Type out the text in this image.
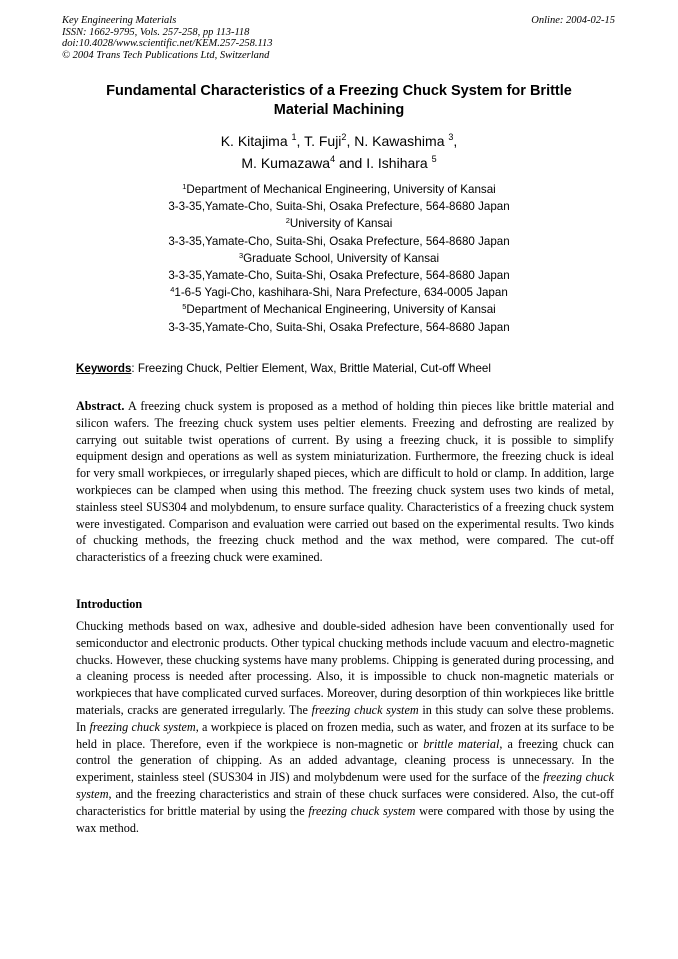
Key Engineering Materials
ISSN: 1662-9795, Vols. 257-258, pp 113-118
doi:10.4028/www.scientific.net/KEM.257-258.113
© 2004 Trans Tech Publications Ltd, Switzerland
Online: 2004-02-15
Fundamental Characteristics of a Freezing Chuck System for Brittle
Material Machining
K. Kitajima $^1$, T. Fuji$^2$, N. Kawashima $^3$,
M. Kumazawa$^4$ and I. Ishihara $^5$
$^1$Department of Mechanical Engineering, University of Kansai
3-3-35,Yamate-Cho, Suita-Shi, Osaka Prefecture, 564-8680 Japan
$^2$University of Kansai
3-3-35,Yamate-Cho, Suita-Shi, Osaka Prefecture, 564-8680 Japan
$^3$Graduate School, University of Kansai
3-3-35,Yamate-Cho, Suita-Shi, Osaka Prefecture, 564-8680 Japan
$^4$1-6-5 Yagi-Cho, kashihara-Shi, Nara Prefecture, 634-0005 Japan
$^5$Department of Mechanical Engineering, University of Kansai
3-3-35,Yamate-Cho, Suita-Shi, Osaka Prefecture, 564-8680 Japan
Keywords: Freezing Chuck, Peltier Element, Wax, Brittle Material, Cut-off Wheel
Abstract. A freezing chuck system is proposed as a method of holding thin pieces like brittle material and silicon wafers. The freezing chuck system uses peltier elements. Freezing and defrosting are realized by carrying out suitable twist operations of current. By using a freezing chuck, it is possible to simplify equipment design and operations as well as system miniaturization. Furthermore, the freezing chuck is ideal for very small workpieces, or irregularly shaped pieces, which are difficult to hold or clamp. In addition, large workpieces can be clamped when using this method. The freezing chuck system uses two kinds of metal, stainless steel SUS304 and molybdenum, to ensure surface quality. Characteristics of a freezing chuck system were investigated. Comparison and evaluation were carried out based on the experimental results. Two kinds of chucking methods, the freezing chuck method and the wax method, were compared. The cut-off characteristics of a freezing chuck were examined.
Introduction
Chucking methods based on wax, adhesive and double-sided adhesion have been conventionally used for semiconductor and electronic products. Other typical chucking methods include vacuum and electro-magnetic chucks. However, these chucking systems have many problems. Chipping is generated during processing, and a cleaning process is needed after processing. Also, it is impossible to chuck non-magnetic materials or workpieces that have complicated curved surfaces. Moreover, during desorption of thin workpieces like brittle materials, cracks are generated irregularly. The freezing chuck system in this study can solve these problems. In freezing chuck system, a workpiece is placed on frozen media, such as water, and frozen at its surface to be held in place. Therefore, even if the workpiece is non-magnetic or brittle material, a freezing chuck can control the generation of chipping. As an added advantage, cleaning process is unnecessary. In the experiment, stainless steel (SUS304 in JIS) and molybdenum were used for the surface of the freezing chuck system, and the freezing characteristics and strain of these chuck surfaces were considered. Also, the cut-off characteristics for brittle material by using the freezing chuck system were compared with those by using the wax method.
